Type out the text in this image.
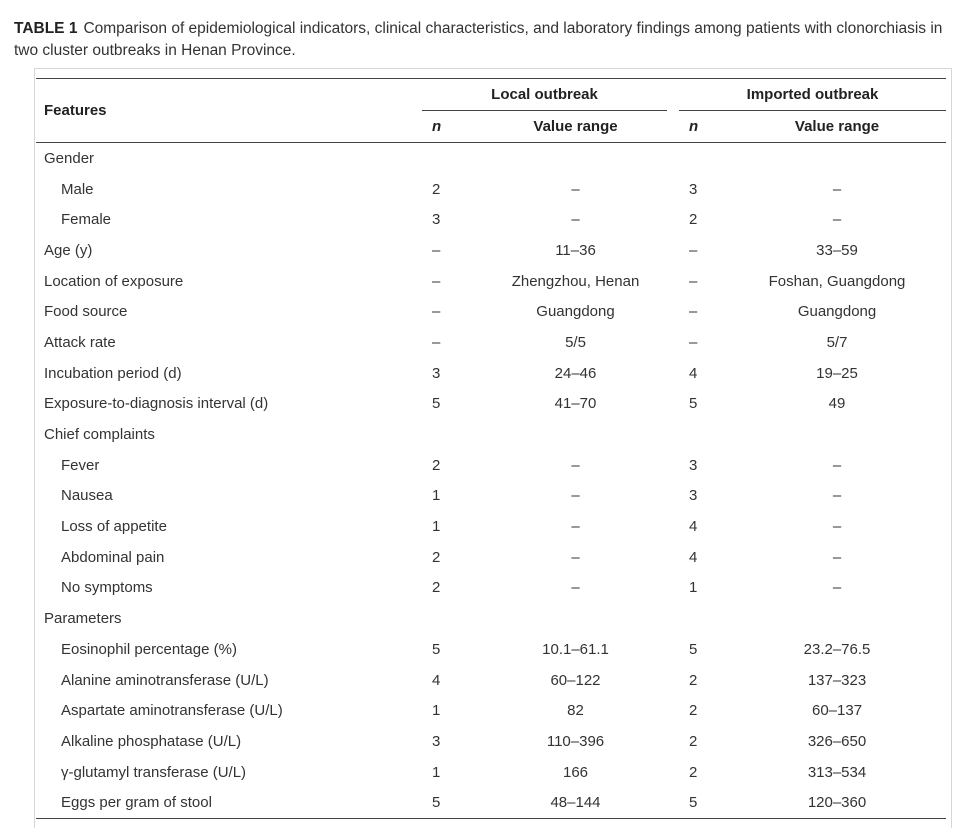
TABLE 1 Comparison of epidemiological indicators, clinical characteristics, and laboratory findings among patients with clonorchiasis in two cluster outbreaks in Henan Province.
Features	Local outbreak			Imported outbreak	
	n	Value range		n	Value range
Gender					
Male	2	–		3	–
Female	3	–		2	–
Age (y)	–	11–36		–	33–59
Location of exposure	–	Zhengzhou, Henan		–	Foshan, Guangdong
Food source	–	Guangdong		–	Guangdong
Attack rate	–	5/5		–	5/7
Incubation period (d)	3	24–46		4	19–25
Exposure-to-diagnosis interval (d)	5	41–70		5	49
Chief complaints					
Fever	2	–		3	–
Nausea	1	–		3	–
Loss of appetite	1	–		4	–
Abdominal pain	2	–		4	–
No symptoms	2	–		1	–
Parameters					
Eosinophil percentage (%)	5	10.1–61.1		5	23.2–76.5
Alanine aminotransferase (U/L)	4	60–122		2	137–323
Aspartate aminotransferase (U/L)	1	82		2	60–137
Alkaline phosphatase (U/L)	3	110–396		2	326–650
γ-glutamyl transferase (U/L)	1	166		2	313–534
Eggs per gram of stool	5	48–144		5	120–360
